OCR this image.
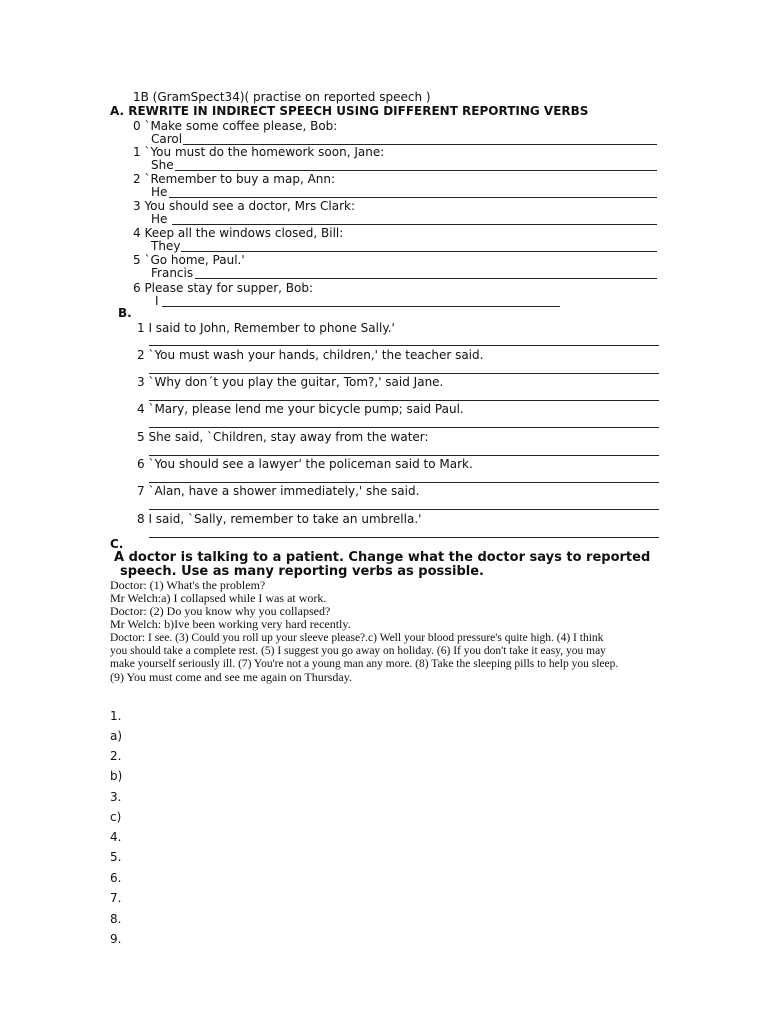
1B (GramSpect34)( practise on reported speech )
A. REWRITE IN INDIRECT SPEECH USING DIFFERENT REPORTING VERBS
0 `Make some coffee please, Bob:
Carol
1 `You must do the homework soon, Jane:
She
2 `Remember to buy a map, Ann:
He
3 You should see a doctor, Mrs Clark:
He
4 Keep all the windows closed, Bill:
They
5 `Go home, Paul.'
Francis
6 Please stay for supper, Bob:
I
B.
1 I said to John, Remember to phone Sally.'
2 `You must wash your hands, children,' the teacher said.
3 `Why don´t you play the guitar, Tom?,' said Jane.
4 `Mary, please lend me your bicycle pump; said Paul.
5 She said, `Children, stay away from the water:
6 `You should see a lawyer' the policeman said to Mark.
7 `Alan, have a shower immediately,' she said.
8 I said, `Sally, remember to take an umbrella.'
C.
A doctor is talking to a patient. Change what the doctor says to reported
speech. Use as many reporting verbs as possible.
Doctor: (1) What's the problem?
Mr Welch:a) I collapsed while I was at work.
Doctor: (2) Do you know why you collapsed?
Mr Welch: b)Ive been working very hard recently.
Doctor: I see. (3) Could you roll up your sleeve please?.c) Well your blood pressure's quite high. (4) I think
you should take a complete rest. (5) I suggest you go away on holiday. (6) If you don't take it easy, you may
make yourself seriously ill. (7) You're not a young man any more. (8) Take the sleeping pills to help you sleep.
(9) You must come and see me again on Thursday.
1.
a)
2.
b)
3.
c)
4.
5.
6.
7.
8.
9.
